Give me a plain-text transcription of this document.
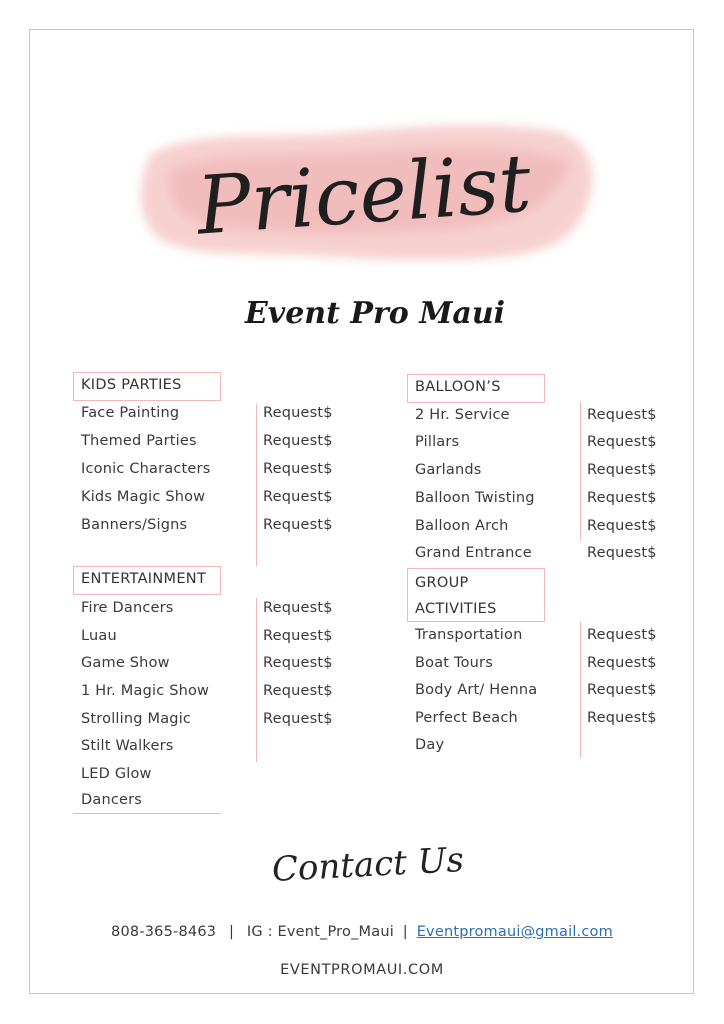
Pricelist
Event Pro Maui
KIDS PARTIES
Face Painting	Request$
Themed Parties	Request$
Iconic Characters	Request$
Kids Magic Show	Request$
Banners/Signs	Request$
ENTERTAINMENT
Fire Dancers	Request$
Luau	Request$
Game Show	Request$
1 Hr. Magic Show	Request$
Strolling Magic	Request$
Stilt Walkers
LED Glow
Dancers
BALLOON’S
2 Hr. Service	Request$
Pillars	Request$
Garlands	Request$
Balloon Twisting	Request$
Balloon Arch	Request$
Grand Entrance	Request$
GROUP
ACTIVITIES
Transportation	Request$
Boat Tours	Request$
Body Art/ Henna	Request$
Perfect Beach	Request$
Day
Contact Us
808-365-8463 | IG : Event_Pro_Maui | Eventpromaui@gmail.com
EVENTPROMAUI.COM
